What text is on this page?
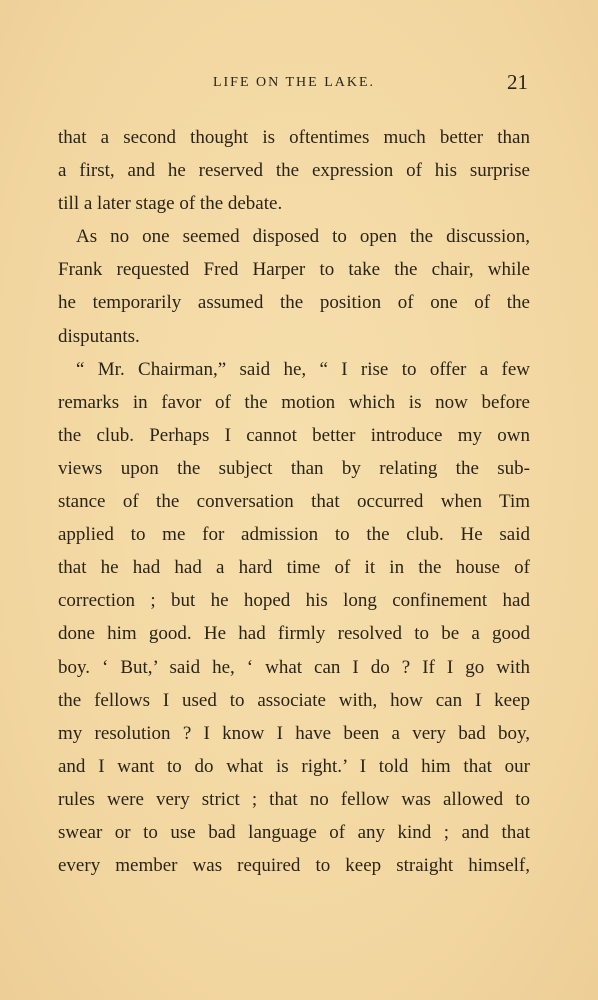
LIFE ON THE LAKE.	21
that a second thought is oftentimes much better than
a first, and he reserved the expression of his surprise
till a later stage of the debate.
As no one seemed disposed to open the discussion,
Frank requested Fred Harper to take the chair, while
he temporarily assumed the position of one of the
disputants.
“ Mr. Chairman,” said he, “ I rise to offer a few
remarks in favor of the motion which is now before
the club. Perhaps I cannot better introduce my own
views upon the subject than by relating the sub-
stance of the conversation that occurred when Tim
applied to me for admission to the club. He said
that he had had a hard time of it in the house of
correction ; but he hoped his long confinement had
done him good. He had firmly resolved to be a good
boy. ‘ But,’ said he, ‘ what can I do ? If I go with
the fellows I used to associate with, how can I keep
my resolution ? I know I have been a very bad boy,
and I want to do what is right.’ I told him that our
rules were very strict ; that no fellow was allowed to
swear or to use bad language of any kind ; and that
every member was required to keep straight himself,
